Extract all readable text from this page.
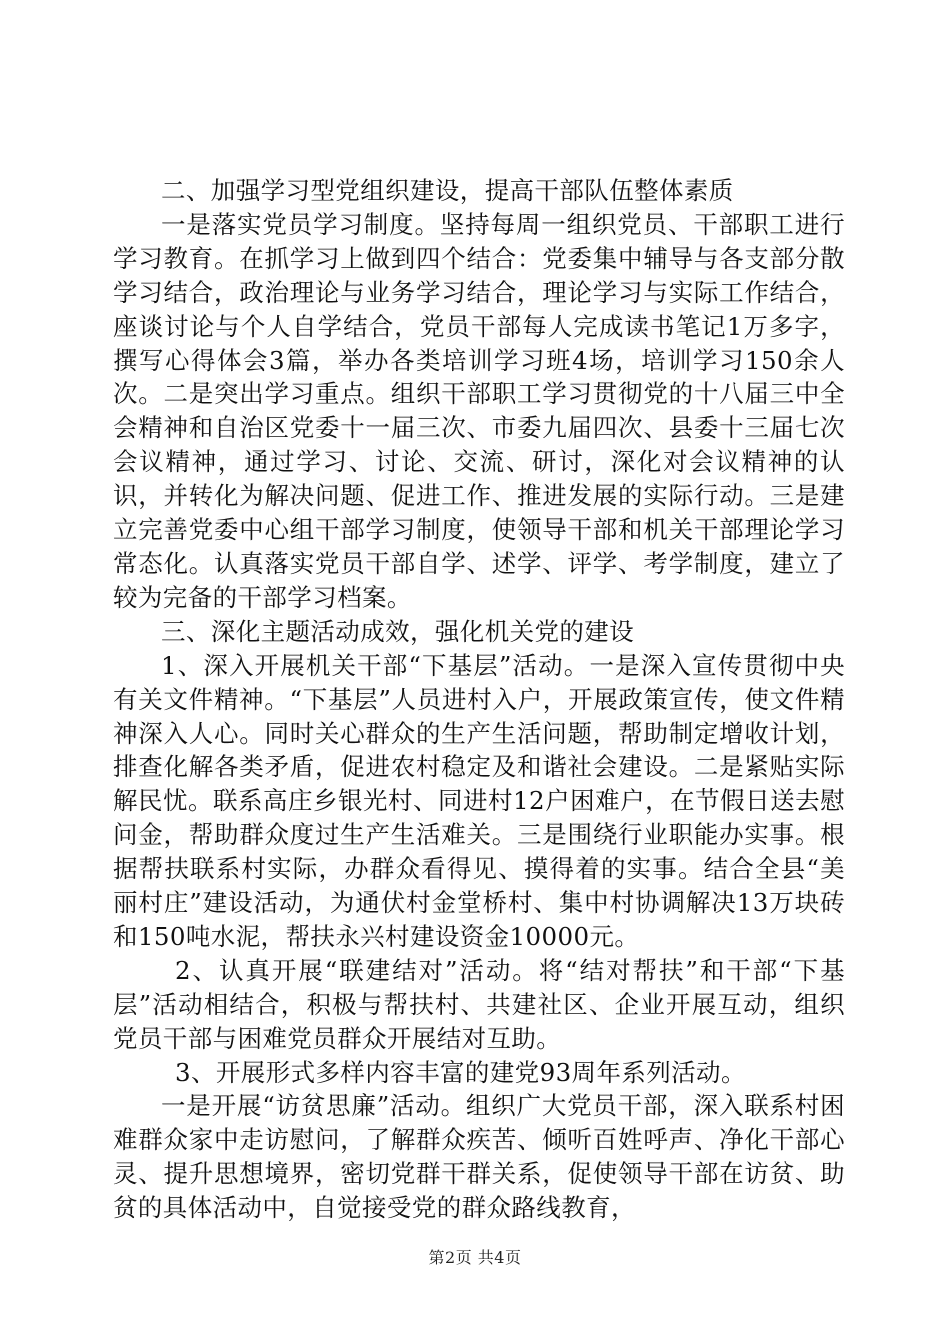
二、加强学习型党组织建设，提高干部队伍整体素质

一是落实党员学习制度。坚持每周一组织党员、干部职工进行学习教育。在抓学习上做到四个结合：党委集中辅导与各支部分散学习结合，政治理论与业务学习结合，理论学习与实际工作结合，座谈讨论与个人自学结合，党员干部每人完成读书笔记1万多字，撰写心得体会3篇，举办各类培训学习班4场，培训学习150余人次。二是突出学习重点。组织干部职工学习贯彻党的十八届三中全会精神和自治区党委十一届三次、市委九届四次、县委十三届七次会议精神，通过学习、讨论、交流、研讨，深化对会议精神的认识，并转化为解决问题、促进工作、推进发展的实际行动。三是建立完善党委中心组干部学习制度，使领导干部和机关干部理论学习常态化。认真落实党员干部自学、述学、评学、考学制度，建立了较为完备的干部学习档案。

三、深化主题活动成效，强化机关党的建设

1、深入开展机关干部“下基层”活动。一是深入宣传贯彻中央有关文件精神。“下基层”人员进村入户，开展政策宣传，使文件精神深入人心。同时关心群众的生产生活问题，帮助制定增收计划，排查化解各类矛盾，促进农村稳定及和谐社会建设。二是紧贴实际解民忧。联系高庄乡银光村、同进村12户困难户，在节假日送去慰问金，帮助群众度过生产生活难关。三是围绕行业职能办实事。根据帮扶联系村实际，办群众看得见、摸得着的实事。结合全县“美丽村庄”建设活动，为通伏村金堂桥村、集中村协调解决13万块砖和150吨水泥，帮扶永兴村建设资金10000元。

2、认真开展“联建结对”活动。将“结对帮扶”和干部“下基层”活动相结合，积极与帮扶村、共建社区、企业开展互动，组织党员干部与困难党员群众开展结对互助。

3、开展形式多样内容丰富的建党93周年系列活动。

一是开展“访贫思廉”活动。组织广大党员干部，深入联系村困难群众家中走访慰问，了解群众疾苦、倾听百姓呼声、净化干部心灵、提升思想境界，密切党群干群关系，促使领导干部在访贫、助贫的具体活动中，自觉接受党的群众路线教育，

第2页 共4页
